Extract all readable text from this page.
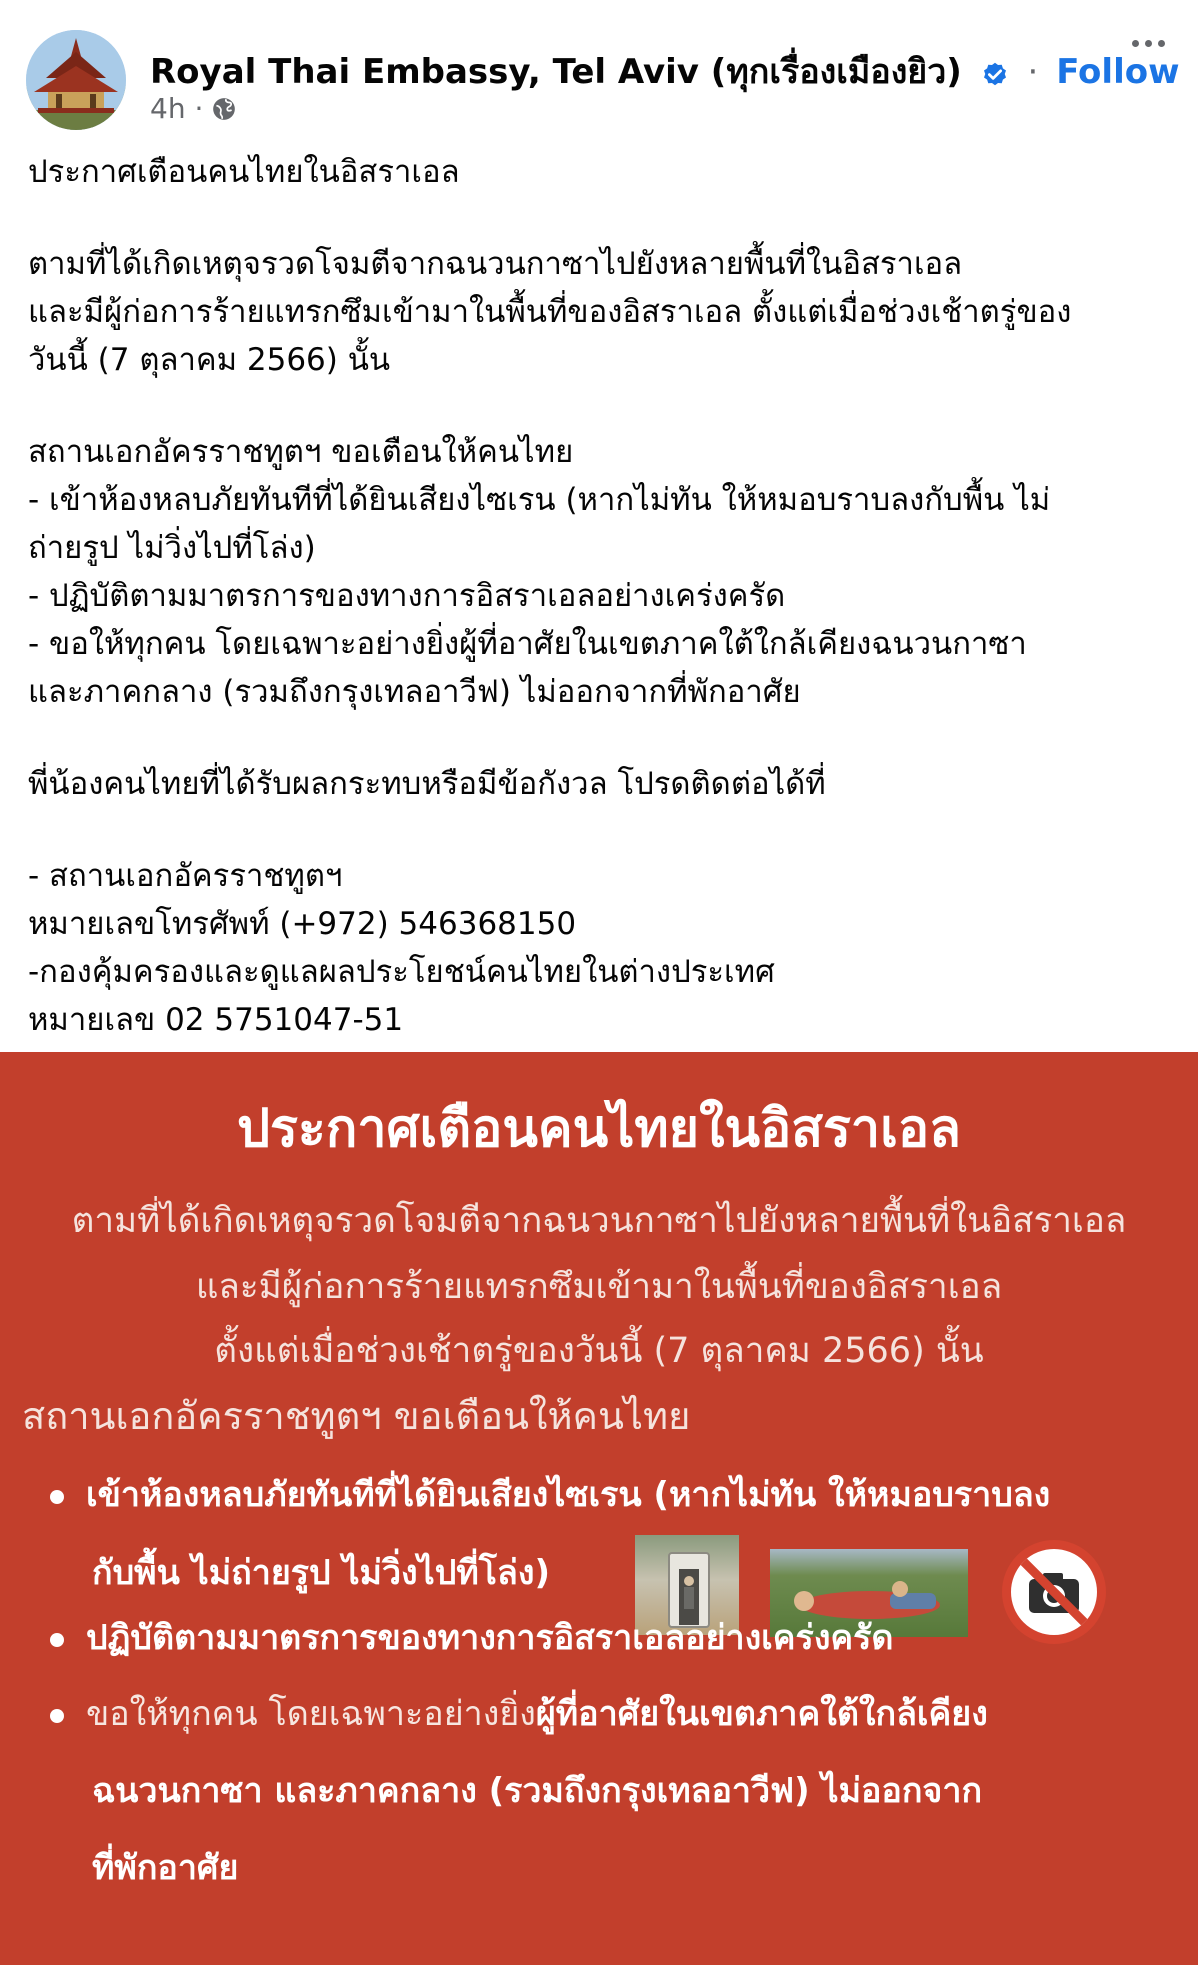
Royal Thai Embassy, Tel Aviv (ทุกเรื่องเมืองยิว) · Follow
4h ·

ประกาศเตือนคนไทยในอิสราเอล

ตามที่ได้เกิดเหตุจรวดโจมตีจากฉนวนกาซาไปยังหลายพื้นที่ในอิสราเอล

และมีผู้ก่อการร้ายแทรกซึมเข้ามาในพื้นที่ของอิสราเอล ตั้งแต่เมื่อช่วงเช้าตรู่ของ

วันนี้ (7 ตุลาคม 2566) นั้น

สถานเอกอัครราชทูตฯ ขอเตือนให้คนไทย

- เข้าห้องหลบภัยทันทีที่ได้ยินเสียงไซเรน (หากไม่ทัน ให้หมอบราบลงกับพื้น ไม่

ถ่ายรูป ไม่วิ่งไปที่โล่ง)

- ปฏิบัติตามมาตรการของทางการอิสราเอลอย่างเคร่งครัด

- ขอให้ทุกคน โดยเฉพาะอย่างยิ่งผู้ที่อาศัยในเขตภาคใต้ใกล้เคียงฉนวนกาซา

และภาคกลาง (รวมถึงกรุงเทลอาวีฟ) ไม่ออกจากที่พักอาศัย

พี่น้องคนไทยที่ได้รับผลกระทบหรือมีข้อกังวล โปรดติดต่อได้ที่

- สถานเอกอัครราชทูตฯ

หมายเลขโทรศัพท์ (+972) 546368150

-กองคุ้มครองและดูแลผลประโยชน์คนไทยในต่างประเทศ

หมายเลข 02 5751047-51

ประกาศเตือนคนไทยในอิสราเอล
ตามที่ได้เกิดเหตุจรวดโจมตีจากฉนวนกาซาไปยังหลายพื้นที่ในอิสราเอล
และมีผู้ก่อการร้ายแทรกซึมเข้ามาในพื้นที่ของอิสราเอล
ตั้งแต่เมื่อช่วงเช้าตรู่ของวันนี้ (7 ตุลาคม 2566) นั้น
สถานเอกอัครราชทูตฯ ขอเตือนให้คนไทย
เข้าห้องหลบภัยทันทีที่ได้ยินเสียงไซเรน (หากไม่ทัน ให้หมอบราบลง
กับพื้น ไม่ถ่ายรูป ไม่วิ่งไปที่โล่ง)
ปฏิบัติตามมาตรการของทางการอิสราเอลอย่างเคร่งครัด
ขอให้ทุกคน โดยเฉพาะอย่างยิ่งผู้ที่อาศัยในเขตภาคใต้ใกล้เคียง
ฉนวนกาซา และภาคกลาง (รวมถึงกรุงเทลอาวีฟ) ไม่ออกจาก
ที่พักอาศัย
